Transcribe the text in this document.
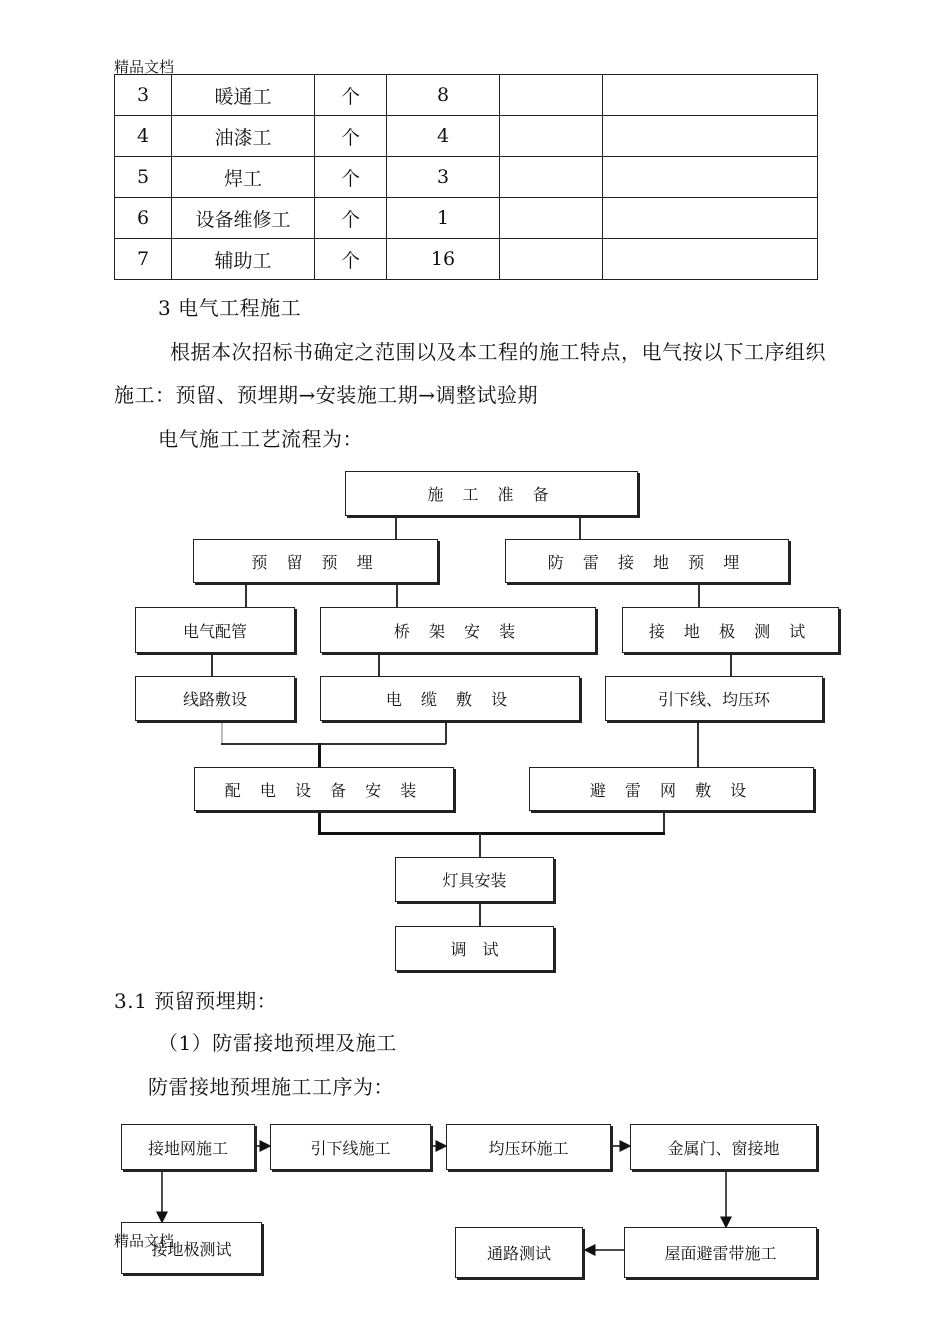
精品文档
3	暖通工	个	8		
4	油漆工	个	4		
5	焊工	个	3		
6	设备维修工	个	1		
7	辅助工	个	16		
3 电气工程施工
根据本次招标书确定之范围以及本工程的施工特点，电气按以下工序组织
施工：预留、预埋期→安装施工期→调整试验期
电气施工工艺流程为：
施 工 准 备
预 留 预 埋	防 雷 接 地 预 埋
电气配管	桥 架 安 装	接 地 极 测 试
线路敷设	电 缆 敷 设	引下线、均压环
配 电 设 备 安 装	避 雷 网 敷 设
灯具安装
调　试
3.1 预留预埋期：
（1）防雷接地预埋及施工
防雷接地预埋施工工序为：
接地网施工	引下线施工	均压环施工	金属门、窗接地
接地极测试	通路测试	屋面避雷带施工
精品文档
